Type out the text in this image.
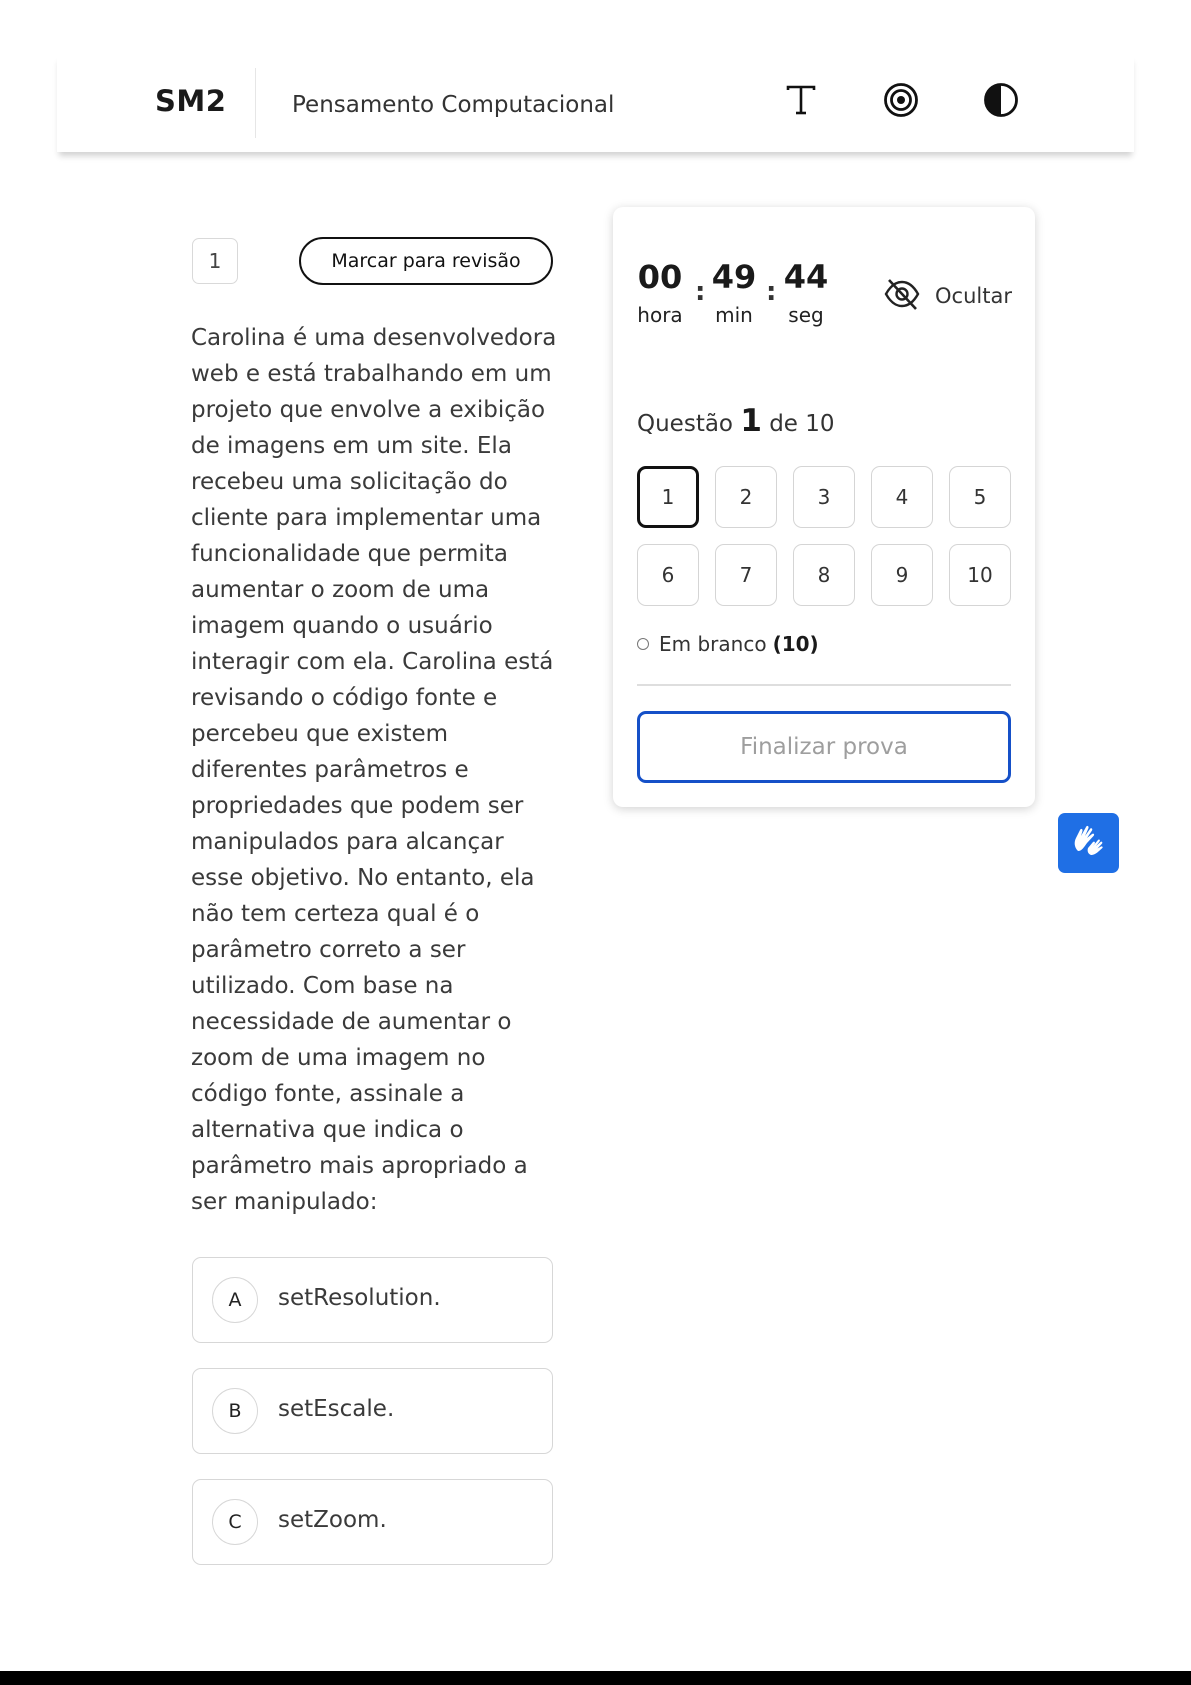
SM2	Pensamento Computacional
1	Marcar para revisão

Carolina é uma desenvolvedora web e está trabalhando em um projeto que envolve a exibição de imagens em um site. Ela recebeu uma solicitação do cliente para implementar uma funcionalidade que permita aumentar o zoom de uma imagem quando o usuário interagir com ela. Carolina está revisando o código fonte e percebeu que existem diferentes parâmetros e propriedades que podem ser manipulados para alcançar esse objetivo. No entanto, ela não tem certeza qual é o parâmetro correto a ser utilizado. Com base na necessidade de aumentar o zoom de uma imagem no código fonte, assinale a alternativa que indica o parâmetro mais apropriado a ser manipulado:

A	setResolution.
B	setEscale.
C	setZoom.
00
hora
: 49
min
: 44
seg
Ocultar
Questão 1 de 10
1	2	3	4	5
6	7	8	9	10
Em branco (10)
Finalizar prova
